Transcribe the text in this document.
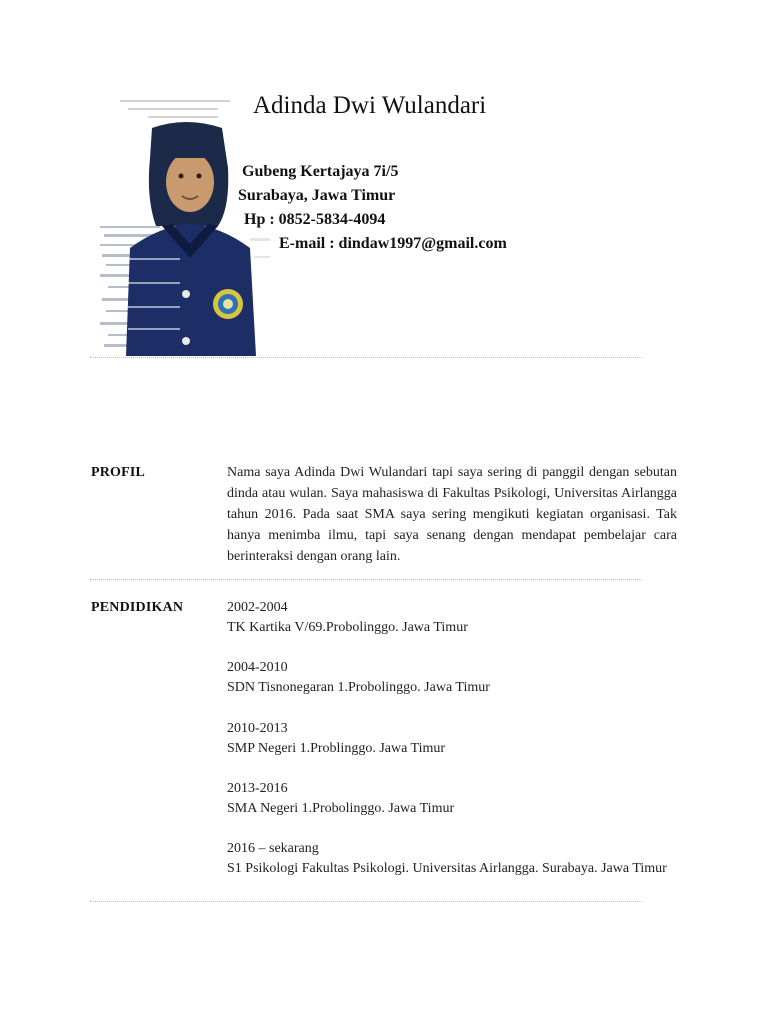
Adinda Dwi Wulandari
Gubeng Kertajaya 7i/5
Surabaya, Jawa Timur
Hp : 0852-5834-4094
E-mail : dindaw1997@gmail.com
PROFIL	Nama saya Adinda Dwi Wulandari tapi saya sering di panggil dengan sebutan dinda atau wulan. Saya mahasiswa di Fakultas Psikologi, Universitas Airlangga tahun 2016. Pada saat SMA saya sering mengikuti kegiatan organisasi. Tak hanya menimba ilmu, tapi saya senang dengan mendapat pembelajar cara berinteraksi dengan orang lain.
PENDIDIKAN	2002-2004
TK Kartika V/69.Probolinggo. Jawa Timur
2004-2010
SDN Tisnonegaran 1.Probolinggo. Jawa Timur
2010-2013
SMP Negeri 1.Problinggo. Jawa Timur
2013-2016
SMA Negeri 1.Probolinggo. Jawa Timur
2016 – sekarang
S1 Psikologi Fakultas Psikologi. Universitas Airlangga. Surabaya. Jawa Timur
